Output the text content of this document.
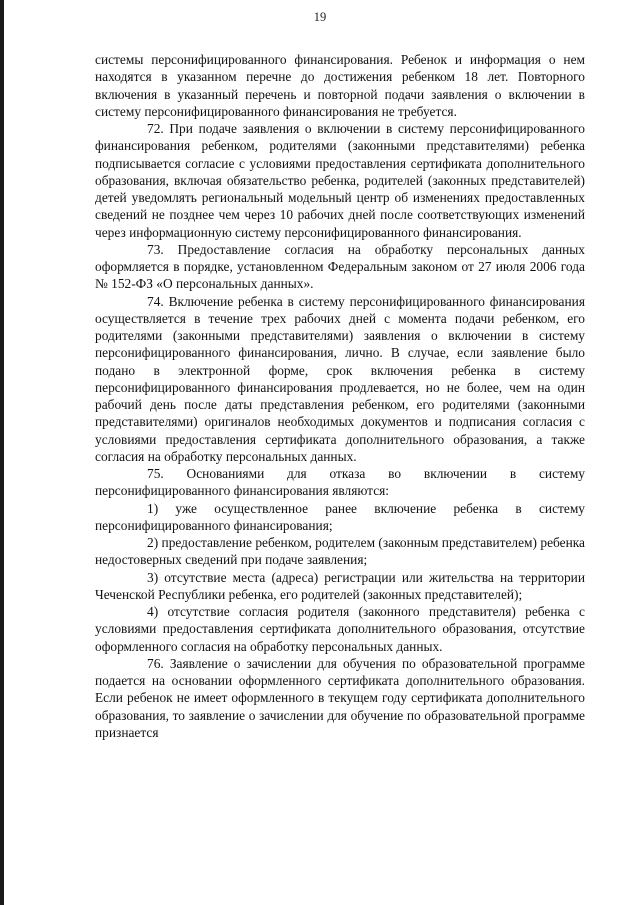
19

системы персонифицированного финансирования. Ребенок и информация о нем находятся в указанном перечне до достижения ребенком 18 лет. Повторного включения в указанный перечень и повторной подачи заявления о включении в систему персонифицированного финансирования не требуется.

72. При подаче заявления о включении в систему персонифицированного финансирования ребенком, родителями (законными представителями) ребенка подписывается согласие с условиями предоставления сертификата дополнительного образования, включая обязательство ребенка, родителей (законных представителей) детей уведомлять региональный модельный центр об изменениях предоставленных сведений не позднее чем через 10 рабочих дней после соответствующих изменений через информационную систему персонифицированного финансирования.

73. Предоставление согласия на обработку персональных данных оформляется в порядке, установленном Федеральным законом от 27 июля 2006 года № 152-ФЗ «О персональных данных».

74. Включение ребенка в систему персонифицированного финансирования осуществляется в течение трех рабочих дней с момента подачи ребенком, его родителями (законными представителями) заявления о включении в систему персонифицированного финансирования, лично. В случае, если заявление было подано в электронной форме, срок включения ребенка в систему персонифицированного финансирования продлевается, но не более, чем на один рабочий день после даты представления ребенком, его родителями (законными представителями) оригиналов необходимых документов и подписания согласия с условиями предоставления сертификата дополнительного образования, а также согласия на обработку персональных данных.

75. Основаниями для отказа во включении в систему персонифицированного финансирования являются:

1) уже осуществленное ранее включение ребенка в систему персонифицированного финансирования;

2) предоставление ребенком, родителем (законным представителем) ребенка недостоверных сведений при подаче заявления;

3) отсутствие места (адреса) регистрации или жительства на территории Чеченской Республики ребенка, его родителей (законных представителей);

4) отсутствие согласия родителя (законного представителя) ребенка с условиями предоставления сертификата дополнительного образования, отсутствие оформленного согласия на обработку персональных данных.

76. Заявление о зачислении для обучения по образовательной программе подается на основании оформленного сертификата дополнительного образования. Если ребенок не имеет оформленного в текущем году сертификата дополнительного образования, то заявление о зачислении для обучение по образовательной программе признается
